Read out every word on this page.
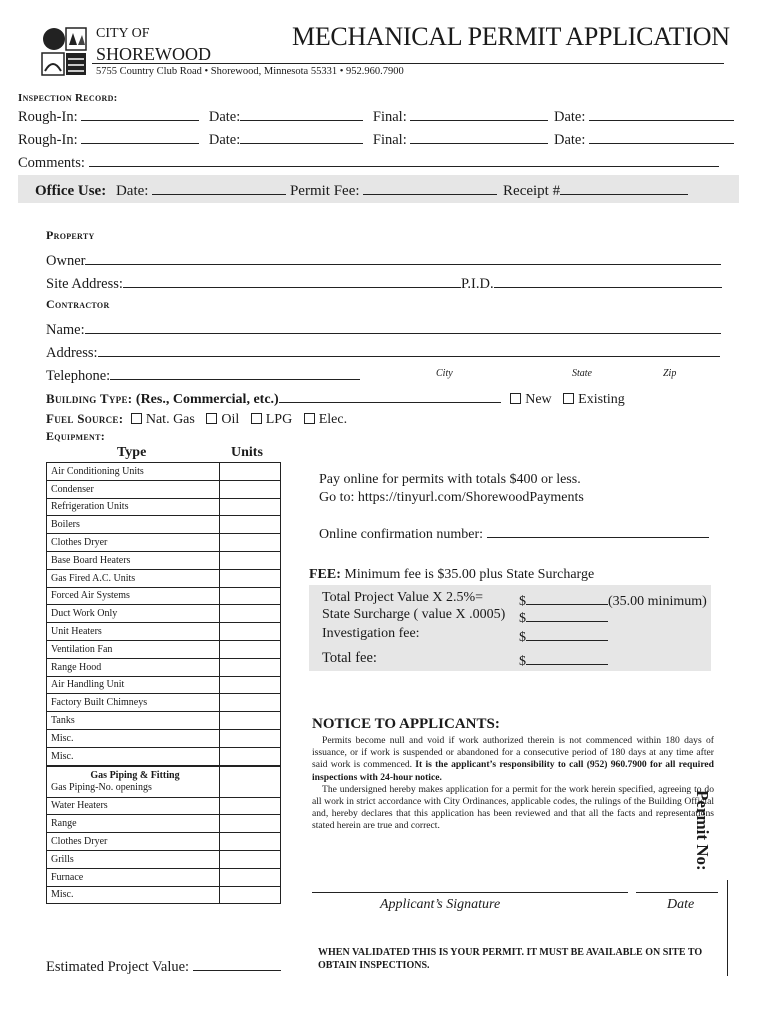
CITY OF
SHOREWOOD
MECHANICAL PERMIT APPLICATION
5755 Country Club Road • Shorewood, Minnesota 55331 • 952.960.7900
Inspection Record:
Rough-In:	Date:	Final:	Date:
Rough-In:	Date:	Final:	Date:
Comments:
Office Use: Date:	Permit Fee:	Receipt #
Property
Owner
Site Address:	P.I.D.
Contractor
Name:
Address:
Telephone:	City	State	Zip
Building Type: (Res., Commercial, etc.)	New Existing
Fuel Source: Nat. Gas Oil LPG Elec.
Equipment:
Type	Units
Air Conditioning Units	
Condenser	
Refrigeration Units	
Boilers	
Clothes Dryer	
Base Board Heaters	
Gas Fired A.C. Units	
Forced Air Systems	
Duct Work Only	
Unit Heaters	
Ventilation Fan	
Range Hood	
Air Handling Unit	
Factory Built Chimneys	
Tanks	
Misc.	
Misc.	
Gas Piping & Fitting
Gas Piping-No. openings	

Water Heaters	
Range	
Clothes Dryer	
Grills	
Furnace	
Misc.	
Pay online for permits with totals $400 or less.
Go to: https://tinyurl.com/ShorewoodPayments
Online confirmation number:
FEE: Minimum fee is $35.00 plus State Surcharge
Total Project Value X 2.5%=	$	(35.00 minimum)
State Surcharge ( value X .0005) $
Investigation fee:	$
Total fee:	$
NOTICE TO APPLICANTS:
Permits become null and void if work authorized therein is not commenced within 180 days of issuance, or if work is suspended or abandoned for a consecutive period of 180 days at any time after said work is commenced. It is the applicant’s responsibility to call (952) 960.7900 for all required inspections with 24-hour notice.
The undersigned hereby makes application for a permit for the work herein specified, agreeing to do all work in strict accordance with City Ordinances, applicable codes, the rulings of the Building Official and, hereby declares that this application has been reviewed and that all the facts and representations stated herein are true and correct.
Applicant’s Signature	Date
Estimated Project Value:
WHEN VALIDATED THIS IS YOUR PERMIT. IT MUST BE AVAILABLE ON SITE TO OBTAIN INSPECTIONS.
Permit No:
